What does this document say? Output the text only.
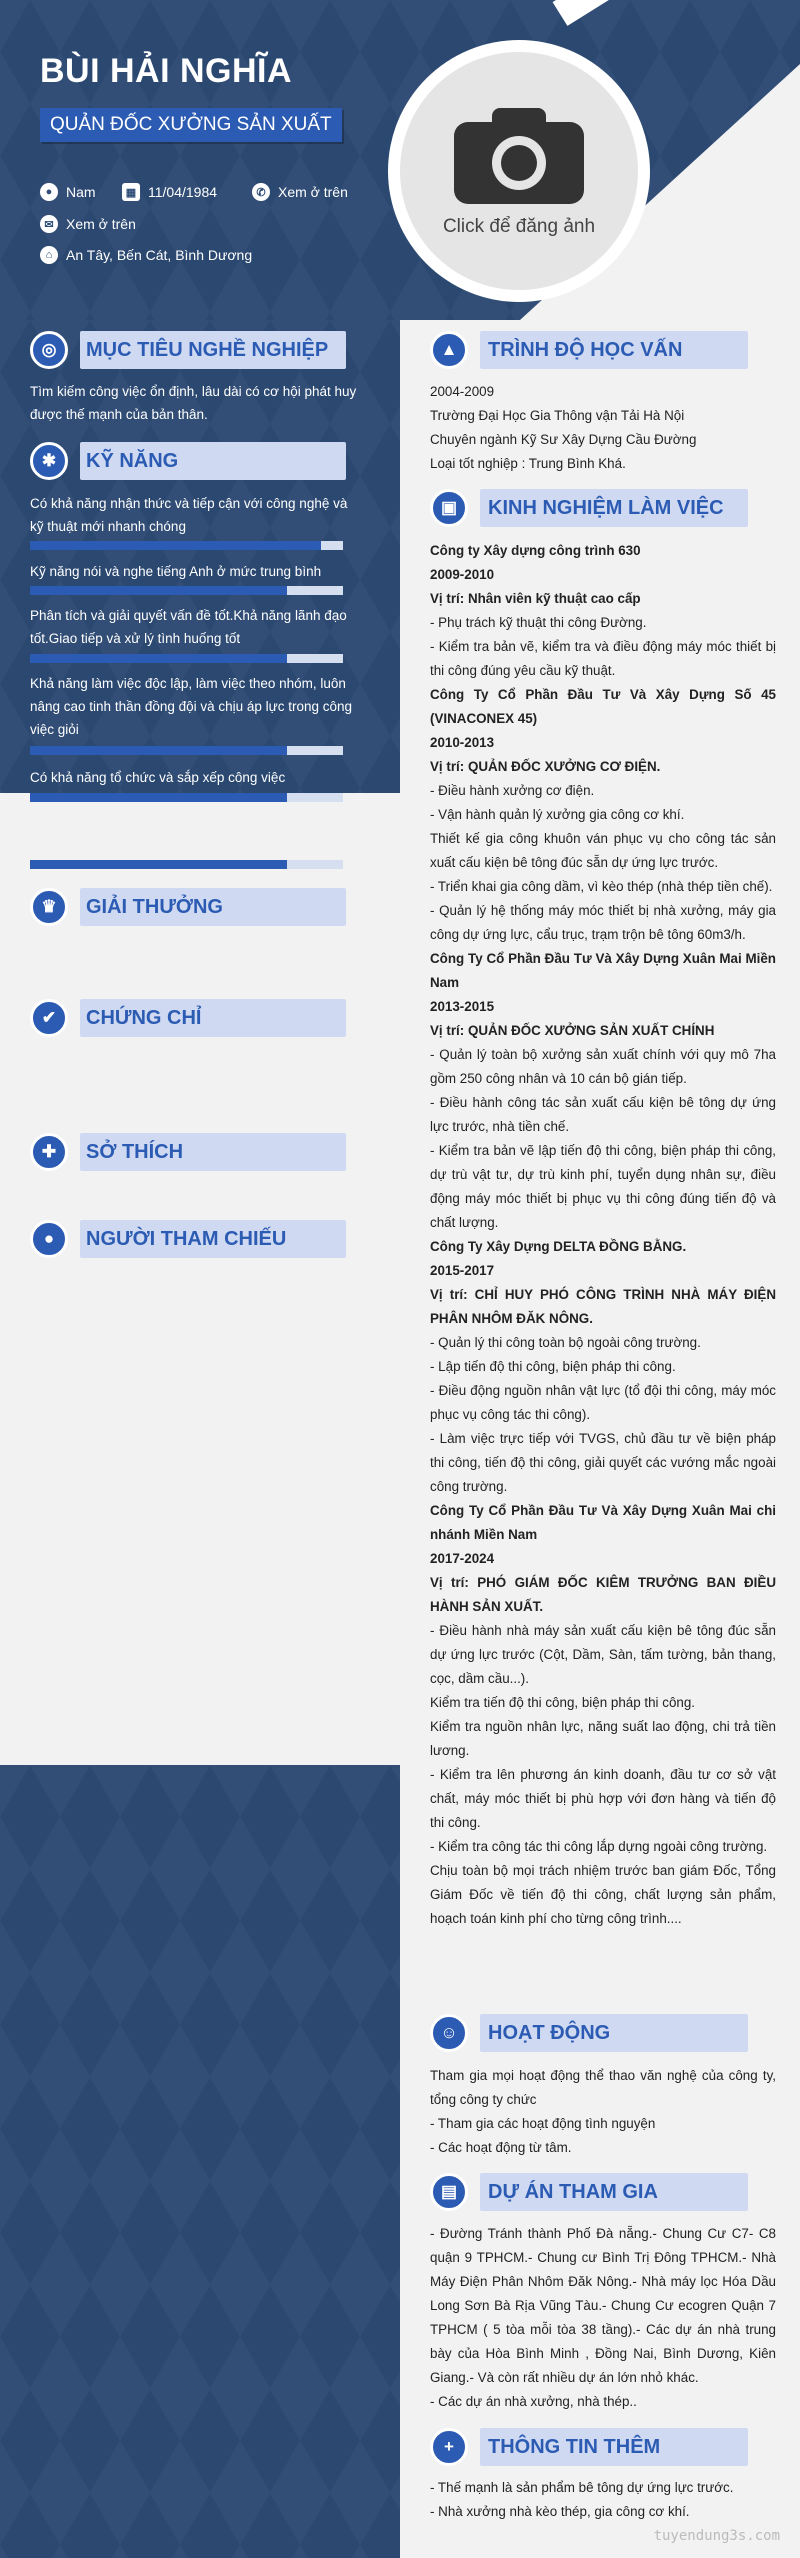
BÙI HẢI NGHĨA
QUẢN ĐỐC XƯỞNG SẢN XUẤT
● Nam	▦ 11/04/1984	✆ Xem ở trên
✉ Xem ở trên
⌂ An Tây, Bến Cát, Bình Dương
Click để đăng ảnh
◎	MỤC TIÊU NGHỀ NGHIỆP
Tìm kiếm công việc ổn định, lâu dài có cơ hội phát huy được thế mạnh của bản thân.
✱	KỸ NĂNG
Có khả năng nhận thức và tiếp cận với công nghệ và kỹ thuật mới nhanh chóng
Kỹ năng nói và nghe tiếng Anh ở mức trung bình
Phân tích và giải quyết vấn đề tốt.Khả năng lãnh đạo tốt.Giao tiếp và xử lý tình huống tốt
Khả năng làm việc độc lập, làm việc theo nhóm, luôn nâng cao tinh thần đồng đội và chịu áp lực trong công việc giỏi
Có khả năng tổ chức và sắp xếp công việc
♛	GIẢI THƯỞNG
✔	CHỨNG CHỈ
✚	SỞ THÍCH
●	NGƯỜI THAM CHIẾU
▲	TRÌNH ĐỘ HỌC VẤN

2004-2009

Trường Đại Học Gia Thông vận Tải Hà Nội

Chuyên ngành Kỹ Sư Xây Dựng Cầu Đường

Loại tốt nghiệp : Trung Bình Khá.

▣	KINH NGHIỆM LÀM VIỆC

Công ty Xây dựng công trình 630

2009-2010

Vị trí: Nhân viên kỹ thuật cao cấp

- Phụ trách kỹ thuật thi công Đường.

- Kiểm tra bản vẽ, kiểm tra và điều động máy móc thiết bị thi công đúng yêu cầu kỹ thuật.

Công Ty Cổ Phần Đầu Tư Và Xây Dựng Số 45 (VINACONEX 45)

2010-2013

Vị trí: QUẢN ĐỐC XƯỞNG CƠ ĐIỆN.

- Điều hành xưởng cơ điện.

- Vận hành quản lý xưởng gia công cơ khí.

Thiết kế gia công khuôn ván phục vụ cho công tác sản xuất cấu kiện bê tông đúc sẵn dự ứng lực trước.

- Triển khai gia công dầm, vì kèo thép (nhà thép tiền chế).

- Quản lý hệ thống máy móc thiết bị nhà xưởng, máy gia công dự ứng lực, cẩu trục, trạm trộn bê tông 60m3/h.

Công Ty Cổ Phần Đầu Tư Và Xây Dựng Xuân Mai Miền Nam

2013-2015

Vị trí: QUẢN ĐỐC XƯỞNG SẢN XUẤT CHÍNH

- Quản lý toàn bộ xưởng sản xuất chính với quy mô 7ha gồm 250 công nhân và 10 cán bộ gián tiếp.

- Điều hành công tác sản xuất cấu kiện bê tông dự ứng lực trước, nhà tiền chế.

- Kiểm tra bản vẽ lập tiến độ thi công, biện pháp thi công, dự trù vật tư, dự trù kinh phí, tuyển dụng nhân sự, điều động máy móc thiết bị phục vụ thi công đúng tiến độ và chất lượng.

Công Ty Xây Dựng DELTA ĐỒNG BẰNG.

2015-2017

Vị trí: CHỈ HUY PHÓ CÔNG TRÌNH NHÀ MÁY ĐIỆN PHÂN NHÔM ĐĂK NÔNG.

- Quản lý thi công toàn bộ ngoài công trường.

- Lập tiến độ thi công, biện pháp thi công.

- Điều động nguồn nhân vật lực (tổ đội thi công, máy móc phục vụ công tác thi công).

- Làm việc trực tiếp với TVGS, chủ đầu tư về biện pháp thi công, tiến độ thi công, giải quyết các vướng mắc ngoài công trường.

Công Ty Cổ Phần Đầu Tư Và Xây Dựng Xuân Mai chi nhánh Miền Nam

2017-2024

Vị trí: PHÓ GIÁM ĐỐC KIÊM TRƯỞNG BAN ĐIỀU HÀNH SẢN XUẤT.

- Điều hành nhà máy sản xuất cấu kiện bê tông đúc sẵn dự ứng lực trước (Cột, Dầm, Sàn, tấm tường, bản thang, cọc, dầm cầu...).

Kiểm tra tiến độ thi công, biện pháp thi công.

Kiểm tra nguồn nhân lực, năng suất lao động, chi trả tiền lương.

- Kiểm tra lên phương án kinh doanh, đầu tư cơ sở vật chất, máy móc thiết bị phù hợp với đơn hàng và tiến độ thi công.

- Kiểm tra công tác thi công lắp dựng ngoài công trường.

Chịu toàn bộ mọi trách nhiệm trước ban giám Đốc, Tổng Giám Đốc về tiến độ thi công, chất lượng sản phẩm, hoạch toán kinh phí cho từng công trình....

☺	HOẠT ĐỘNG

Tham gia mọi hoạt động thể thao văn nghệ của công ty, tổng công ty chức

- Tham gia các hoạt động tình nguyện

- Các hoạt động từ tâm.

▤	DỰ ÁN THAM GIA

- Đường Tránh thành Phố Đà nẵng.- Chung Cư C7- C8 quận 9 TPHCM.- Chung cư Bình Trị Đông TPHCM.- Nhà Máy Điện Phân Nhôm Đăk Nông.- Nhà máy lọc Hóa Dầu Long Sơn Bà Rịa Vũng Tàu.- Chung Cư ecogren Quận 7 TPHCM ( 5 tòa mỗi tòa 38 tầng).- Các dự án nhà trung bày của Hòa Bình Minh , Đồng Nai, Bình Dương, Kiên Giang.- Và còn rất nhiều dự án lớn nhỏ khác.

- Các dự án nhà xưởng, nhà thép..

+	THÔNG TIN THÊM

- Thế mạnh là sản phẩm bê tông dự ứng lực trước.

- Nhà xưởng nhà kèo thép, gia công cơ khí.

tuyendung3s.com
